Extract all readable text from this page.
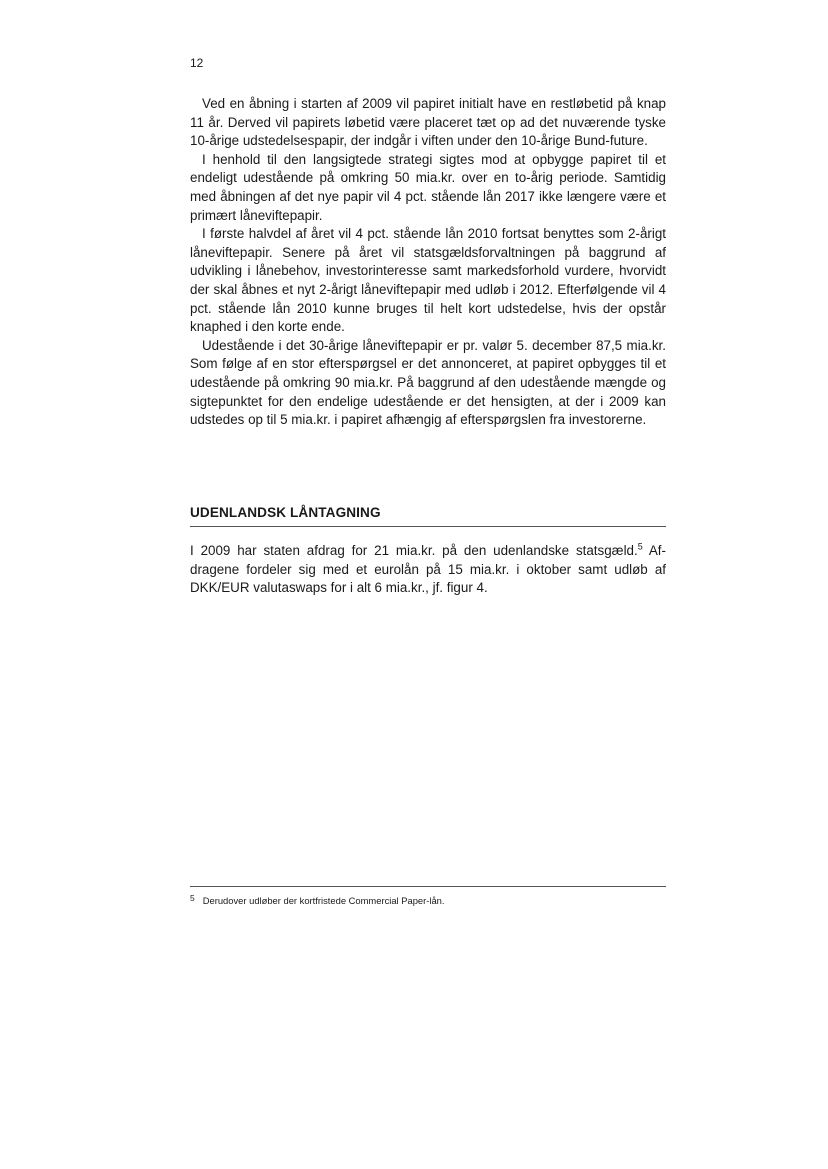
12

Ved en åbning i starten af 2009 vil papiret initialt have en restløbetid på knap 11 år. Derved vil papirets løbetid være placeret tæt op ad det nuværende tyske 10-årige udstedelsespapir, der indgår i viften under den 10-årige Bund-future.

I henhold til den langsigtede strategi sigtes mod at opbygge papiret til et endeligt udestående på omkring 50 mia.kr. over en to-årig periode. Samtidig med åbningen af det nye papir vil 4 pct. stående lån 2017 ikke længere være et primært låneviftepapir.

I første halvdel af året vil 4 pct. stående lån 2010 fortsat benyttes som 2-årigt låneviftepapir. Senere på året vil statsgældsforvaltningen på baggrund af udvikling i lånebehov, investorinteresse samt markedsforhold vurdere, hvorvidt der skal åbnes et nyt 2-årigt låneviftepapir med udløb i 2012. Efterfølgende vil 4 pct. stående lån 2010 kunne bruges til helt kort udstedelse, hvis der opstår knaphed i den korte ende.

Udestående i det 30-årige låneviftepapir er pr. valør 5. december 87,5 mia.kr. Som følge af en stor efterspørgsel er det annonceret, at papiret opbygges til et udestående på omkring 90 mia.kr. På baggrund af den udestående mængde og sigtepunktet for den endelige udestående er det hensigten, at der i 2009 kan udstedes op til 5 mia.kr. i papiret afhængig af efterspørgslen fra investorerne.

UDENLANDSK LÅNTAGNING

I 2009 har staten afdrag for 21 mia.kr. på den udenlandske statsgæld.$^5$ Afdragene fordeler sig med et eurolån på 15 mia.kr. i oktober samt udløb af DKK/EUR valutaswaps for i alt 6 mia.kr., jf. figur 4.

5 Derudover udløber der kortfristede Commercial Paper-lån.
